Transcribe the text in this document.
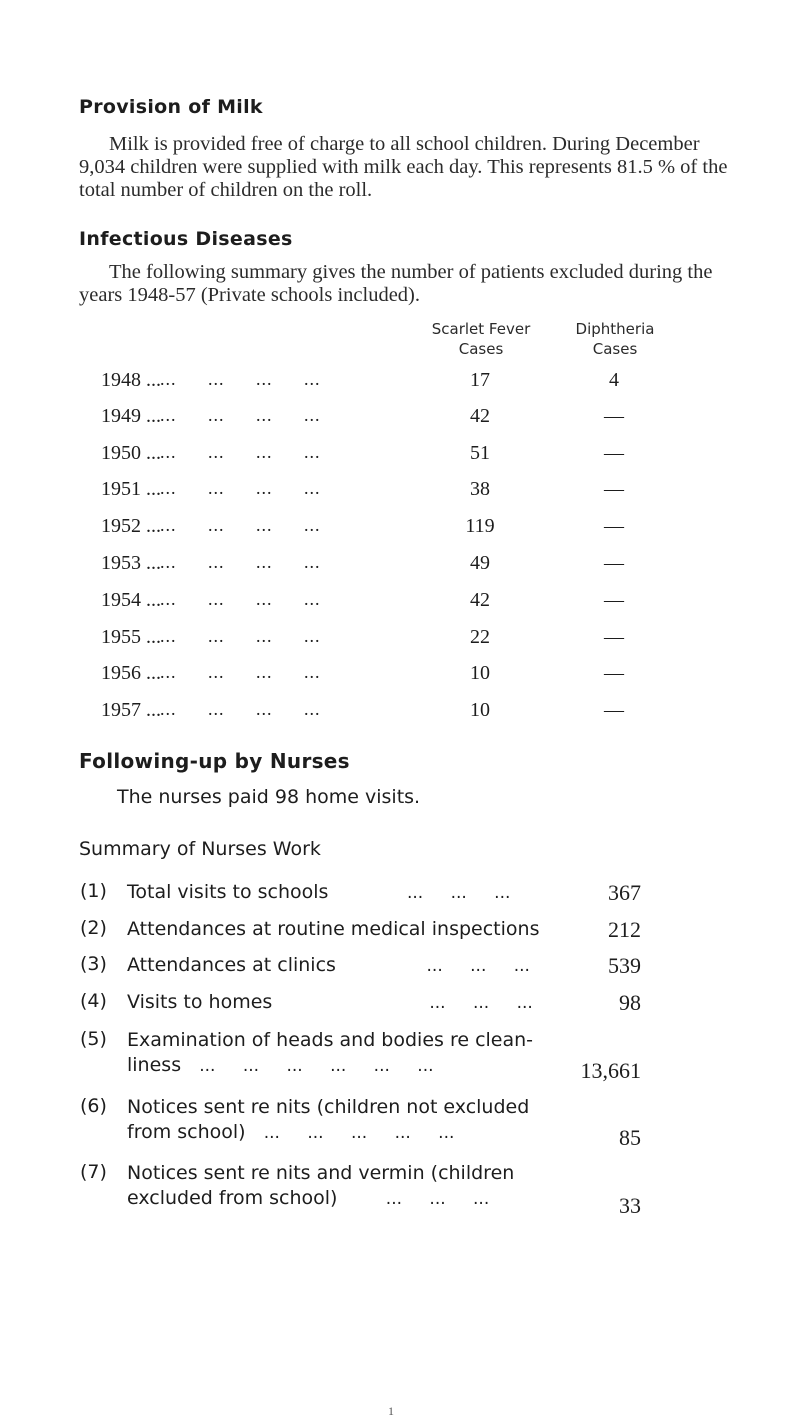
Provision of Milk

Milk is provided free of charge to all school children. During December 9,034 children were supplied with milk each day. This represents 81.5 % of the total number of children on the roll.

Infectious Diseases

The following summary gives the number of patients excluded during the years 1948-57 (Private schools included).

Scarlet Fever
Cases
Diphtheria
Cases
1948 ... ... ... ... ...	17	4
1949 ... ... ... ... ...	42	—
1950 ... ... ... ... ...	51	—
1951 ... ... ... ... ...	38	—
1952 ... ... ... ... ...	119	—
1953 ... ... ... ... ...	49	—
1954 ... ... ... ... ...	42	—
1955 ... ... ... ... ...	22	—
1956 ... ... ... ... ...	10	—
1957 ... ... ... ... ...	10	—
Following-up by Nurses
The nurses paid 98 home visits.
Summary of Nurses Work
(1) Total visits to schools	... ... ...	367
(2) Attendances at routine medical inspections	212
(3) Attendances at clinics	... ... ...	539
(4) Visits to homes	... ... ...	98
(5) Examination of heads and bodies re clean-liness ... ... ... ... ... ...	13,661
(6) Notices sent re nits (children not excluded from school) ... ... ... ... ...	85
(7) Notices sent re nits and vermin (children excluded from school)	... ... ...	33
1
